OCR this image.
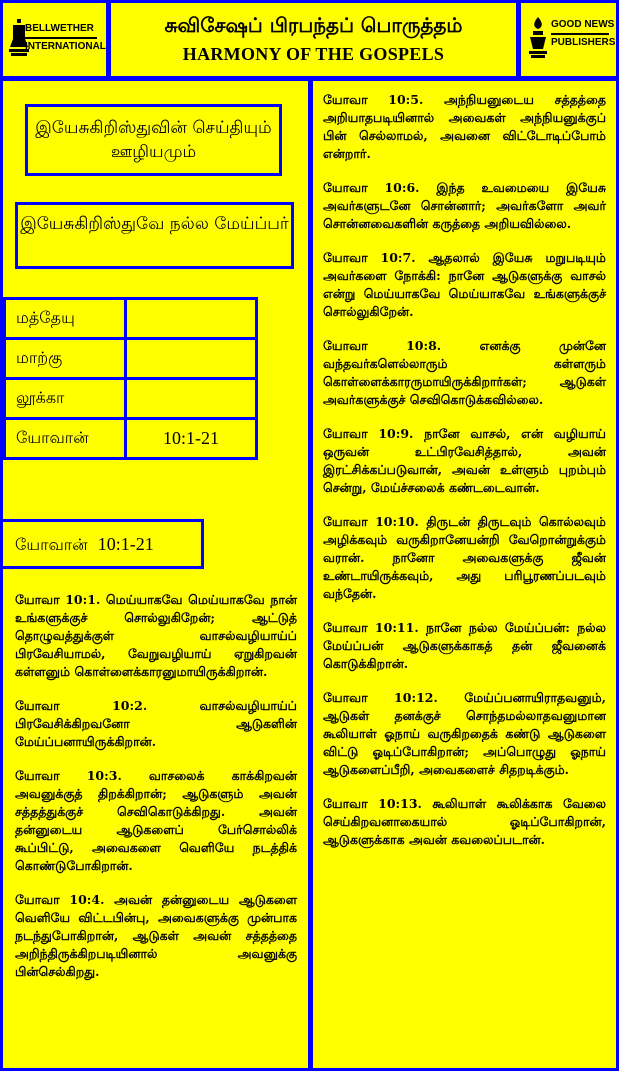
BELLWETHER
INTERNATIONAL
சுவிசேஷப் பிரபந்தப் பொருத்தம்
HARMONY OF THE GOSPELS
GOOD NEWS
PUBLISHERS
இயேசுகிறிஸ்துவின் செய்தியும் ஊழியமும்
இயேசுகிறிஸ்துவே நல்ல மேய்ப்பர்
மத்தேயு	
மாற்கு	
லூக்கா	
யோவான்	10:1-21
யோவான் 10:1-21

யோவா 10:1. மெய்யாகவே மெய்யாகவே நான் உங்களுக்குச் சொல்லுகிறேன்; ஆட்டுத் தொழுவத்துக்குள் வாசல்வழியாய்ப் பிரவேசியாமல், வேறுவழியாய் ஏறுகிறவன் கள்ளனும் கொள்ளைக்காரனுமாயிருக்கிறான்.

யோவா 10:2. வாசல்வழியாய்ப் பிரவேசிக்கிறவனோ ஆடுகளின் மேய்ப்பனாயிருக்கிறான்.

யோவா 10:3. வாசலைக் காக்கிறவன் அவனுக்குத் திறக்கிறான்; ஆடுகளும் அவன் சத்தத்துக்குச் செவிகொடுக்கிறது. அவன் தன்னுடைய ஆடுகளைப் பேர்சொல்லிக் கூப்பிட்டு, அவைகளை வெளியே நடத்திக் கொண்டுபோகிறான்.

யோவா 10:4. அவன் தன்னுடைய ஆடுகளை வெளியே விட்டபின்பு, அவைகளுக்கு முன்பாக நடந்துபோகிறான், ஆடுகள் அவன் சத்தத்தை அறிந்திருக்கிறபடியினால் அவனுக்கு பின்செல்கிறது.

யோவா 10:5. அந்நியனுடைய சத்தத்தை அறியாதபடியினால் அவைகள் அந்நியனுக்குப் பின் செல்லாமல், அவனை விட்டோடிப்போம் என்றார்.

யோவா 10:6. இந்த உவமையை இயேசு அவர்களுடனே சொன்னார்; அவர்களோ அவர் சொன்னவைகளின் கருத்தை அறியவில்லை.

யோவா 10:7. ஆதலால் இயேசு மறுபடியும் அவர்களை நோக்கி: நானே ஆடுகளுக்கு வாசல் என்று மெய்யாகவே மெய்யாகவே உங்களுக்குச் சொல்லுகிறேன்.

யோவா 10:8. எனக்கு முன்னே வந்தவர்களெல்லாரும் கள்ளரும் கொள்ளைக்காரருமாயிருக்கிறார்கள்; ஆடுகள் அவர்களுக்குச் செவிகொடுக்கவில்லை.

யோவா 10:9. நானே வாசல், என் வழியாய் ஒருவன் உட்பிரவேசித்தால், அவன் இரட்சிக்கப்படுவான், அவன் உள்ளும் புறம்பும் சென்று, மேய்ச்சலைக் கண்டடைவான்.

யோவா 10:10. திருடன் திருடவும் கொல்லவும் அழிக்கவும் வருகிறானேயன்றி வேறொன்றுக்கும் வரான். நானோ அவைகளுக்கு ஜீவன் உண்டாயிருக்கவும், அது பரிபூரணப்படவும் வந்தேன்.

யோவா 10:11. நானே நல்ல மேய்ப்பன்: நல்ல மேய்ப்பன் ஆடுகளுக்காகத் தன் ஜீவனைக் கொடுக்கிறான்.

யோவா 10:12. மேய்ப்பனாயிராதவனும், ஆடுகள் தனக்குச் சொந்தமல்லாதவனுமான கூலியாள் ஓநாய் வருகிறதைக் கண்டு ஆடுகளை விட்டு ஓடிப்போகிறான்; அப்பொழுது ஓநாய் ஆடுகளைப்பீறி, அவைகளைச் சிதறடிக்கும்.

யோவா 10:13. கூலியாள் கூலிக்காக வேலை செய்கிறவனாகையால் ஓடிப்போகிறான், ஆடுகளுக்காக அவன் கவலைப்படான்.
